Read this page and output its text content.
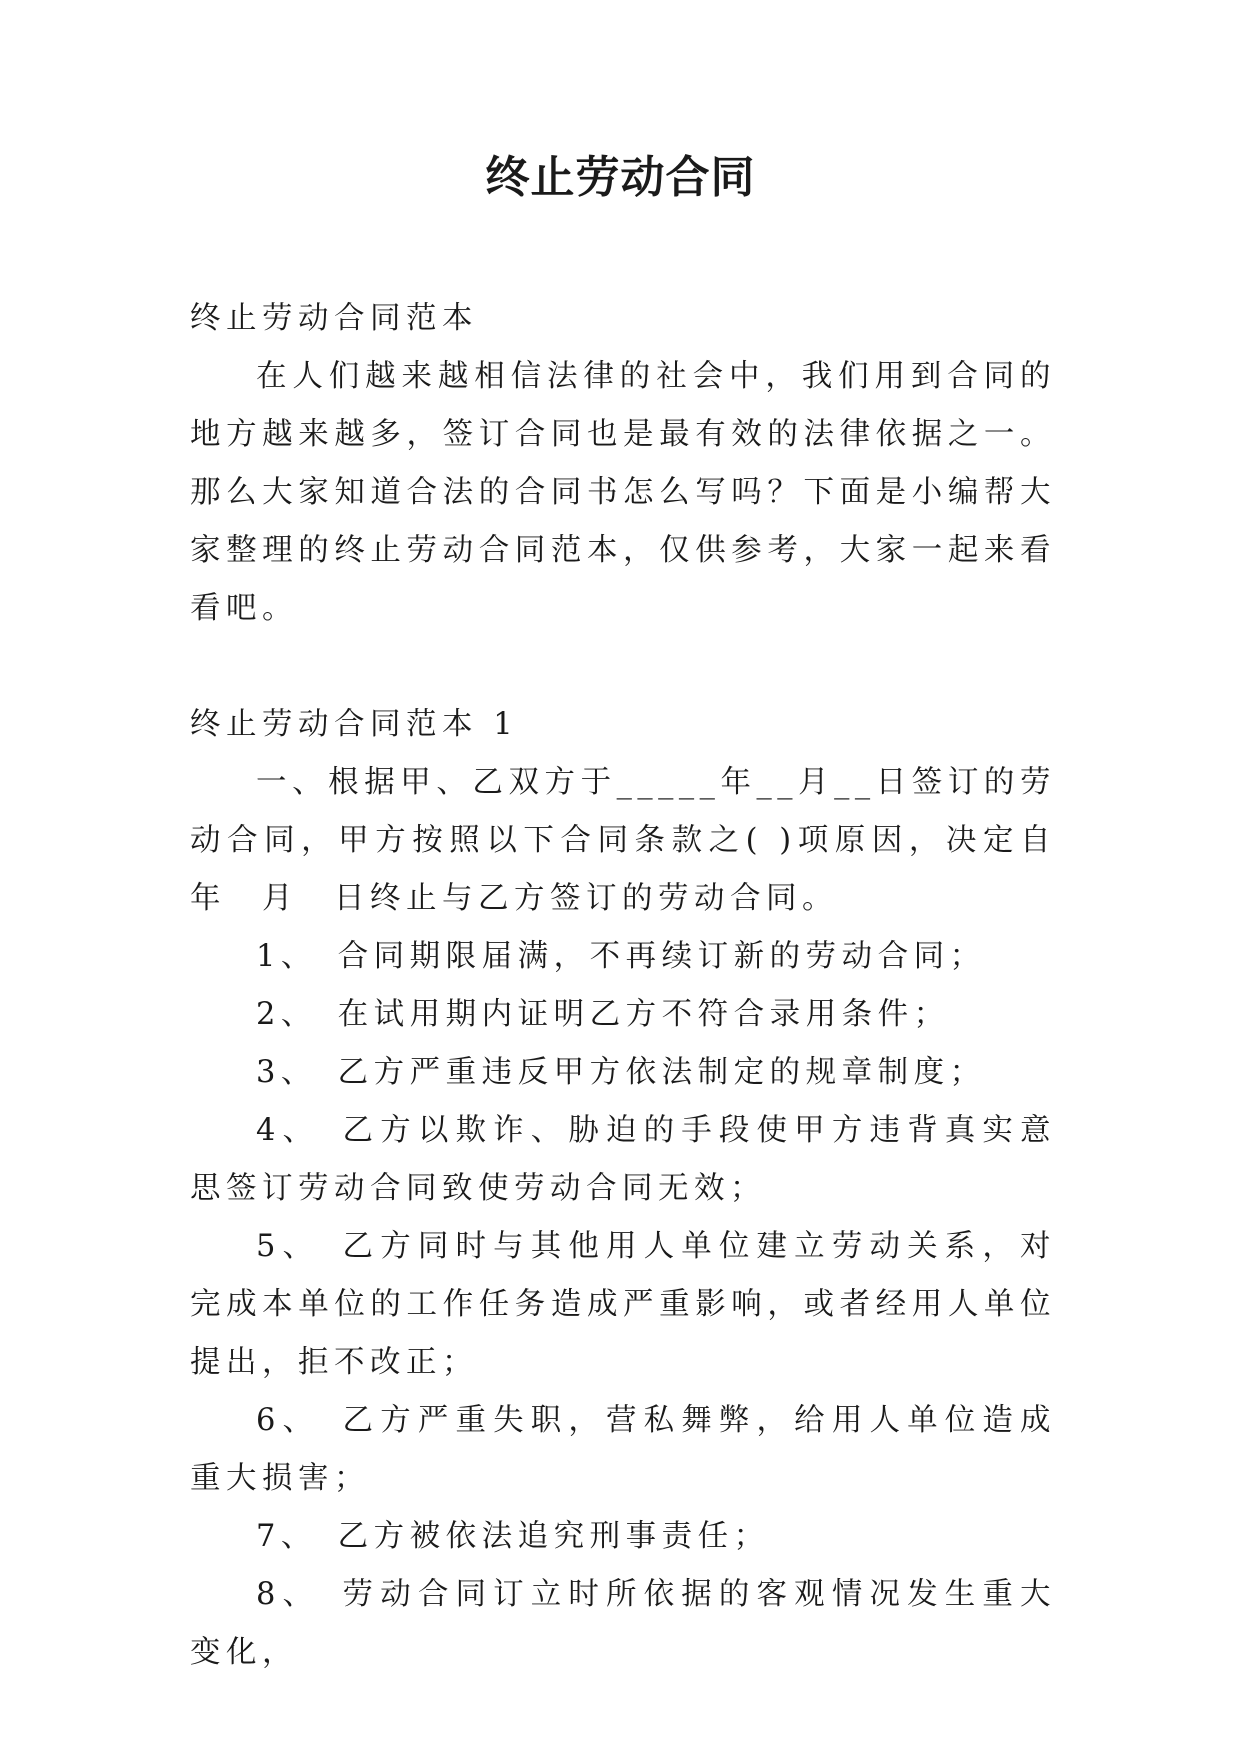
终止劳动合同

终止劳动合同范本

在人们越来越相信法律的社会中，我们用到合同的地方越来越多，签订合同也是最有效的法律依据之一。那么大家知道合法的合同书怎么写吗？下面是小编帮大家整理的终止劳动合同范本，仅供参考，大家一起来看看吧。

终止劳动合同范本 1

一、根据甲、乙双方于_____年__月__日签订的劳动合同，甲方按照以下合同条款之( )项原因，决定自　年　月　日终止与乙方签订的劳动合同。

1、　合同期限届满，不再续订新的劳动合同；

2、　在试用期内证明乙方不符合录用条件；

3、　乙方严重违反甲方依法制定的规章制度；

4、　乙方以欺诈、胁迫的手段使甲方违背真实意思签订劳动合同致使劳动合同无效；

5、　乙方同时与其他用人单位建立劳动关系，对完成本单位的工作任务造成严重影响，或者经用人单位提出，拒不改正；

6、　乙方严重失职，营私舞弊，给用人单位造成重大损害；

7、　乙方被依法追究刑事责任；

8、　劳动合同订立时所依据的客观情况发生重大变化，
